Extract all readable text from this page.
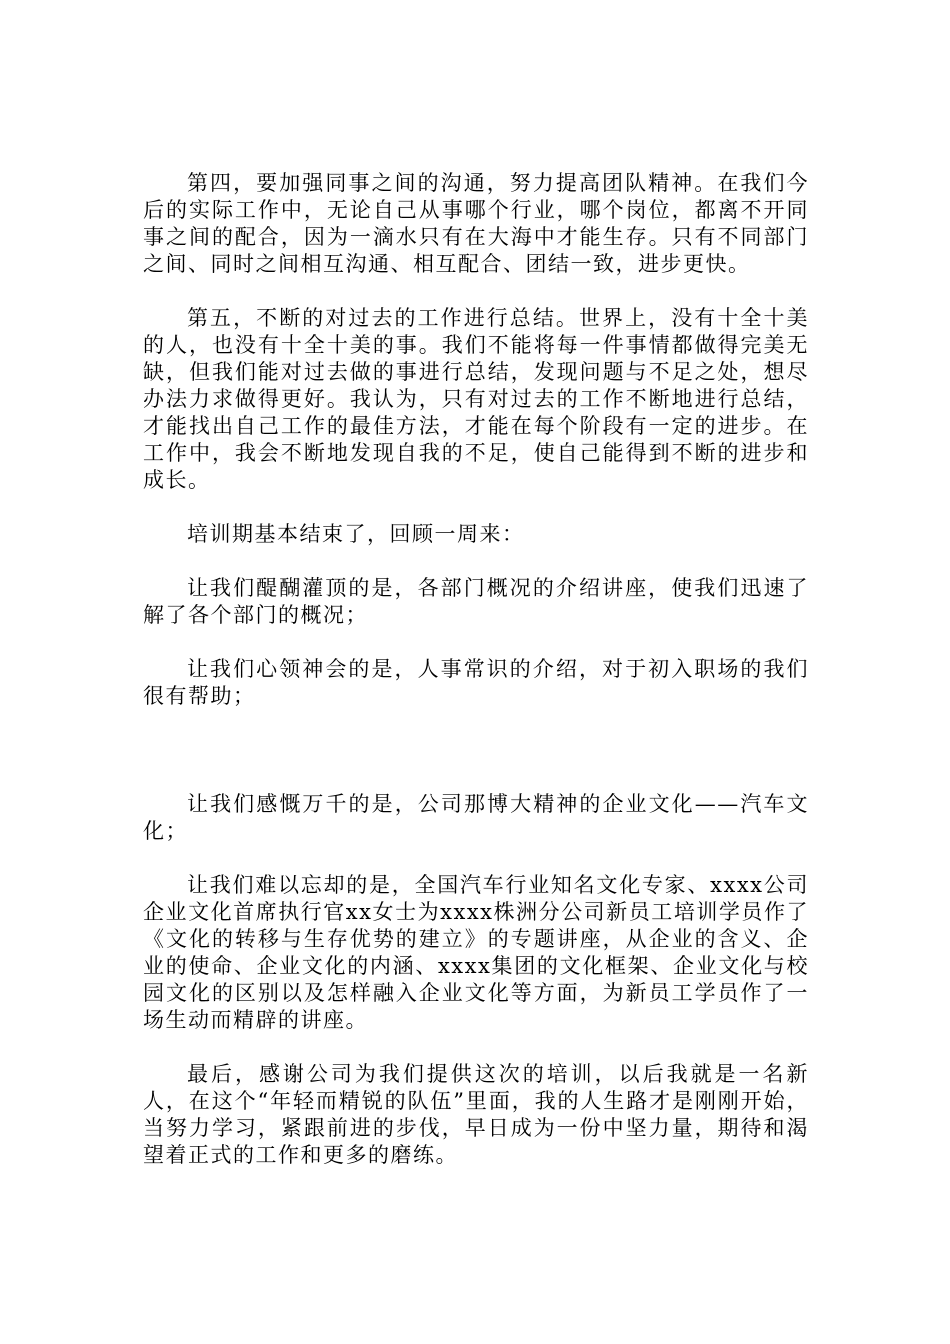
第四，要加强同事之间的沟通，努力提高团队精神。在我们今后的实际工作中，无论自己从事哪个行业，哪个岗位，都离不开同事之间的配合，因为一滴水只有在大海中才能生存。只有不同部门之间、同时之间相互沟通、相互配合、团结一致，进步更快。

第五，不断的对过去的工作进行总结。世界上，没有十全十美的人，也没有十全十美的事。我们不能将每一件事情都做得完美无缺，但我们能对过去做的事进行总结，发现问题与不足之处，想尽办法力求做得更好。我认为，只有对过去的工作不断地进行总结，才能找出自己工作的最佳方法，才能在每个阶段有一定的进步。在工作中，我会不断地发现自我的不足，使自己能得到不断的进步和成长。

培训期基本结束了，回顾一周来：

让我们醍醐灌顶的是，各部门概况的介绍讲座，使我们迅速了解了各个部门的概况；

让我们心领神会的是，人事常识的介绍，对于初入职场的我们很有帮助；

让我们感慨万千的是，公司那博大精神的企业文化——汽车文化；

让我们难以忘却的是，全国汽车行业知名文化专家、xxxx公司企业文化首席执行官xx女士为xxxx株洲分公司新员工培训学员作了《文化的转移与生存优势的建立》的专题讲座，从企业的含义、企业的使命、企业文化的内涵、xxxx集团的文化框架、企业文化与校园文化的区别以及怎样融入企业文化等方面，为新员工学员作了一场生动而精辟的讲座。

最后，感谢公司为我们提供这次的培训，以后我就是一名新人，在这个“年轻而精锐的队伍”里面，我的人生路才是刚刚开始，当努力学习，紧跟前进的步伐，早日成为一份中坚力量，期待和渴望着正式的工作和更多的磨练。
